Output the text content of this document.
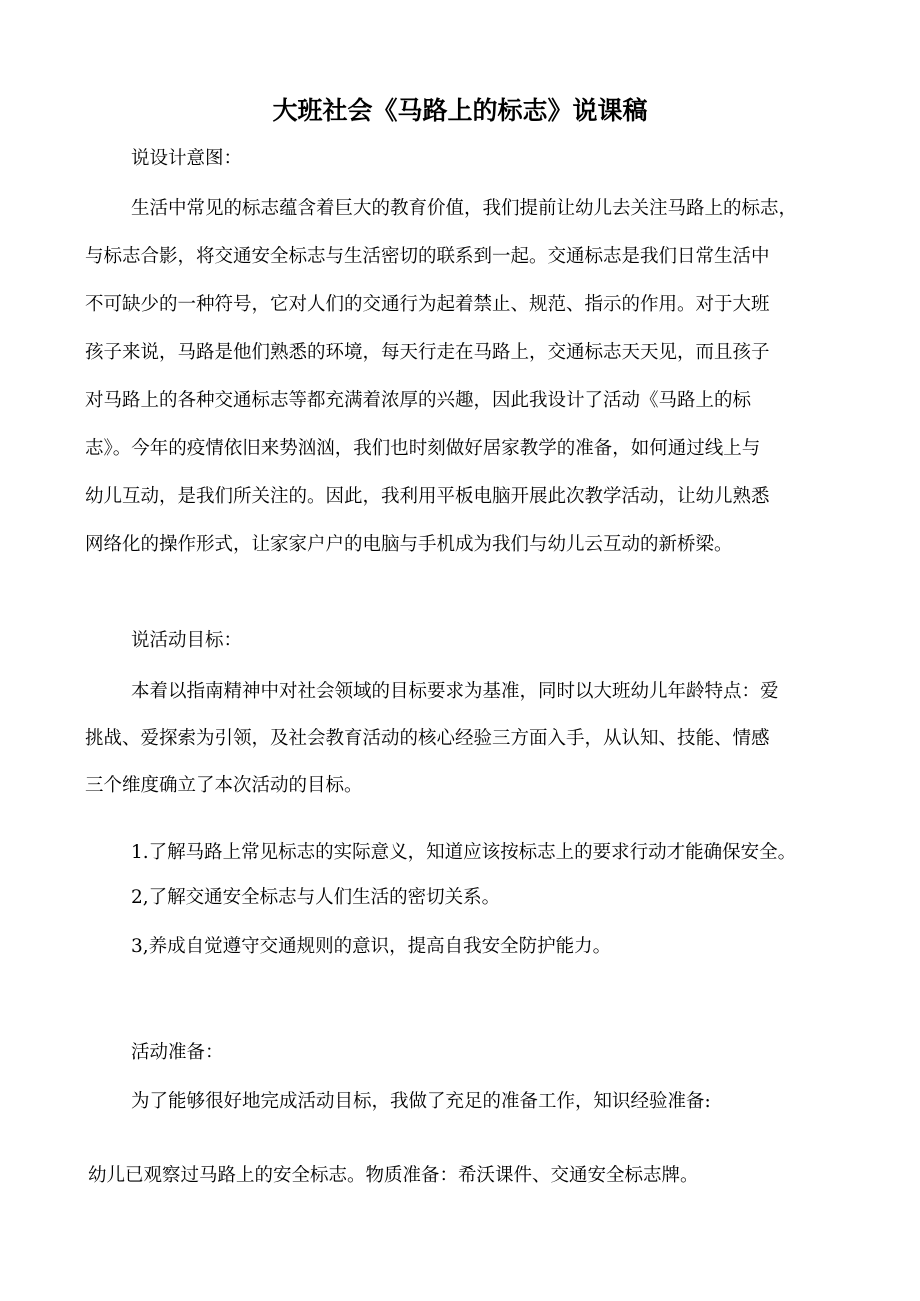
大班社会《马路上的标志》说课稿

说设计意图：

生活中常见的标志蕴含着巨大的教育价值，我们提前让幼儿去关注马路上的标志，

与标志合影，将交通安全标志与生活密切的联系到一起。交通标志是我们日常生活中

不可缺少的一种符号，它对人们的交通行为起着禁止、规范、指示的作用。对于大班

孩子来说，马路是他们熟悉的环境，每天行走在马路上，交通标志天天见，而且孩子

对马路上的各种交通标志等都充满着浓厚的兴趣，因此我设计了活动《马路上的标

志》。今年的疫情依旧来势汹汹，我们也时刻做好居家教学的准备，如何通过线上与

幼儿互动，是我们所关注的。因此，我利用平板电脑开展此次教学活动，让幼儿熟悉

网络化的操作形式，让家家户户的电脑与手机成为我们与幼儿云互动的新桥梁。

说活动目标：

本着以指南精神中对社会领域的目标要求为基准，同时以大班幼儿年龄特点：爱

挑战、爱探索为引领，及社会教育活动的核心经验三方面入手，从认知、技能、情感

三个维度确立了本次活动的目标。

1.了解马路上常见标志的实际意义，知道应该按标志上的要求行动才能确保安全。

2,了解交通安全标志与人们生活的密切关系。

3,养成自觉遵守交通规则的意识，提高自我安全防护能力。

活动准备：

为了能够很好地完成活动目标，我做了充足的准备工作，知识经验准备:

幼儿已观察过马路上的安全标志。物质准备：希沃课件、交通安全标志牌。
